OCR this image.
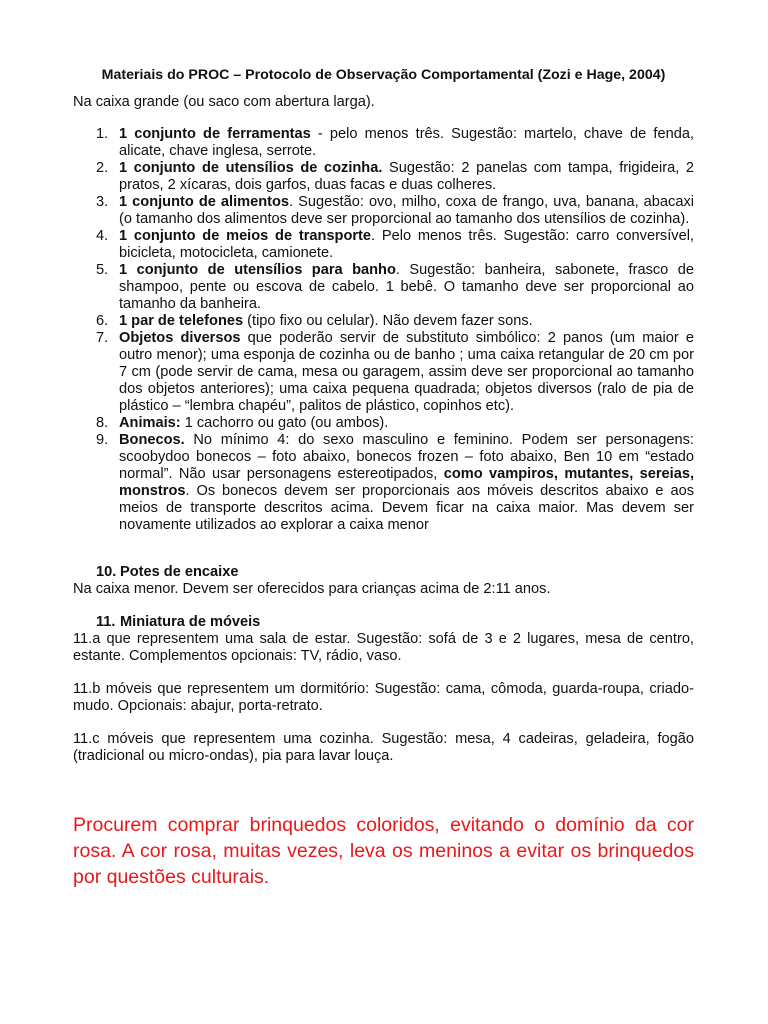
Materiais do PROC – Protocolo de Observação Comportamental (Zozi e Hage, 2004)
Na caixa grande (ou saco com abertura larga).
1. 1 conjunto de ferramentas - pelo menos três. Sugestão: martelo, chave de fenda, alicate, chave inglesa, serrote.
2. 1 conjunto de utensílios de cozinha. Sugestão: 2 panelas com tampa, frigideira, 2 pratos, 2 xícaras, dois garfos, duas facas e duas colheres.
3. 1 conjunto de alimentos. Sugestão: ovo, milho, coxa de frango, uva, banana, abacaxi (o tamanho dos alimentos deve ser proporcional ao tamanho dos utensílios de cozinha).
4. 1 conjunto de meios de transporte. Pelo menos três. Sugestão: carro conversível, bicicleta, motocicleta, camionete.
5. 1 conjunto de utensílios para banho. Sugestão: banheira, sabonete, frasco de shampoo, pente ou escova de cabelo. 1 bebê. O tamanho deve ser proporcional ao tamanho da banheira.
6. 1 par de telefones (tipo fixo ou celular). Não devem fazer sons.
7. Objetos diversos que poderão servir de substituto simbólico: 2 panos (um maior e outro menor); uma esponja de cozinha ou de banho ; uma caixa retangular de 20 cm por 7 cm (pode servir de cama, mesa ou garagem, assim deve ser proporcional ao tamanho dos objetos anteriores); uma caixa pequena quadrada; objetos diversos (ralo de pia de plástico – “lembra chapéu”, palitos de plástico, copinhos etc).
8. Animais: 1 cachorro ou gato (ou ambos).
9. Bonecos. No mínimo 4: do sexo masculino e feminino. Podem ser personagens: scoobydoo bonecos – foto abaixo, bonecos frozen – foto abaixo, Ben 10 em “estado normal”. Não usar personagens estereotipados, como vampiros, mutantes, sereias, monstros. Os bonecos devem ser proporcionais aos móveis descritos abaixo e aos meios de transporte descritos acima. Devem ficar na caixa maior. Mas devem ser novamente utilizados ao explorar a caixa menor
10. Potes de encaixe

Na caixa menor. Devem ser oferecidos para crianças acima de 2:11 anos.

11. Miniatura de móveis

11.a que representem uma sala de estar. Sugestão: sofá de 3 e 2 lugares, mesa de centro, estante. Complementos opcionais: TV, rádio, vaso.

11.b móveis que representem um dormitório: Sugestão: cama, cômoda, guarda-roupa, criado-mudo. Opcionais: abajur, porta-retrato.

11.c móveis que representem uma cozinha. Sugestão: mesa, 4 cadeiras, geladeira, fogão (tradicional ou micro-ondas), pia para lavar louça.

Procurem comprar brinquedos coloridos, evitando o domínio da cor rosa. A cor rosa, muitas vezes, leva os meninos a evitar os brinquedos por questões culturais.
